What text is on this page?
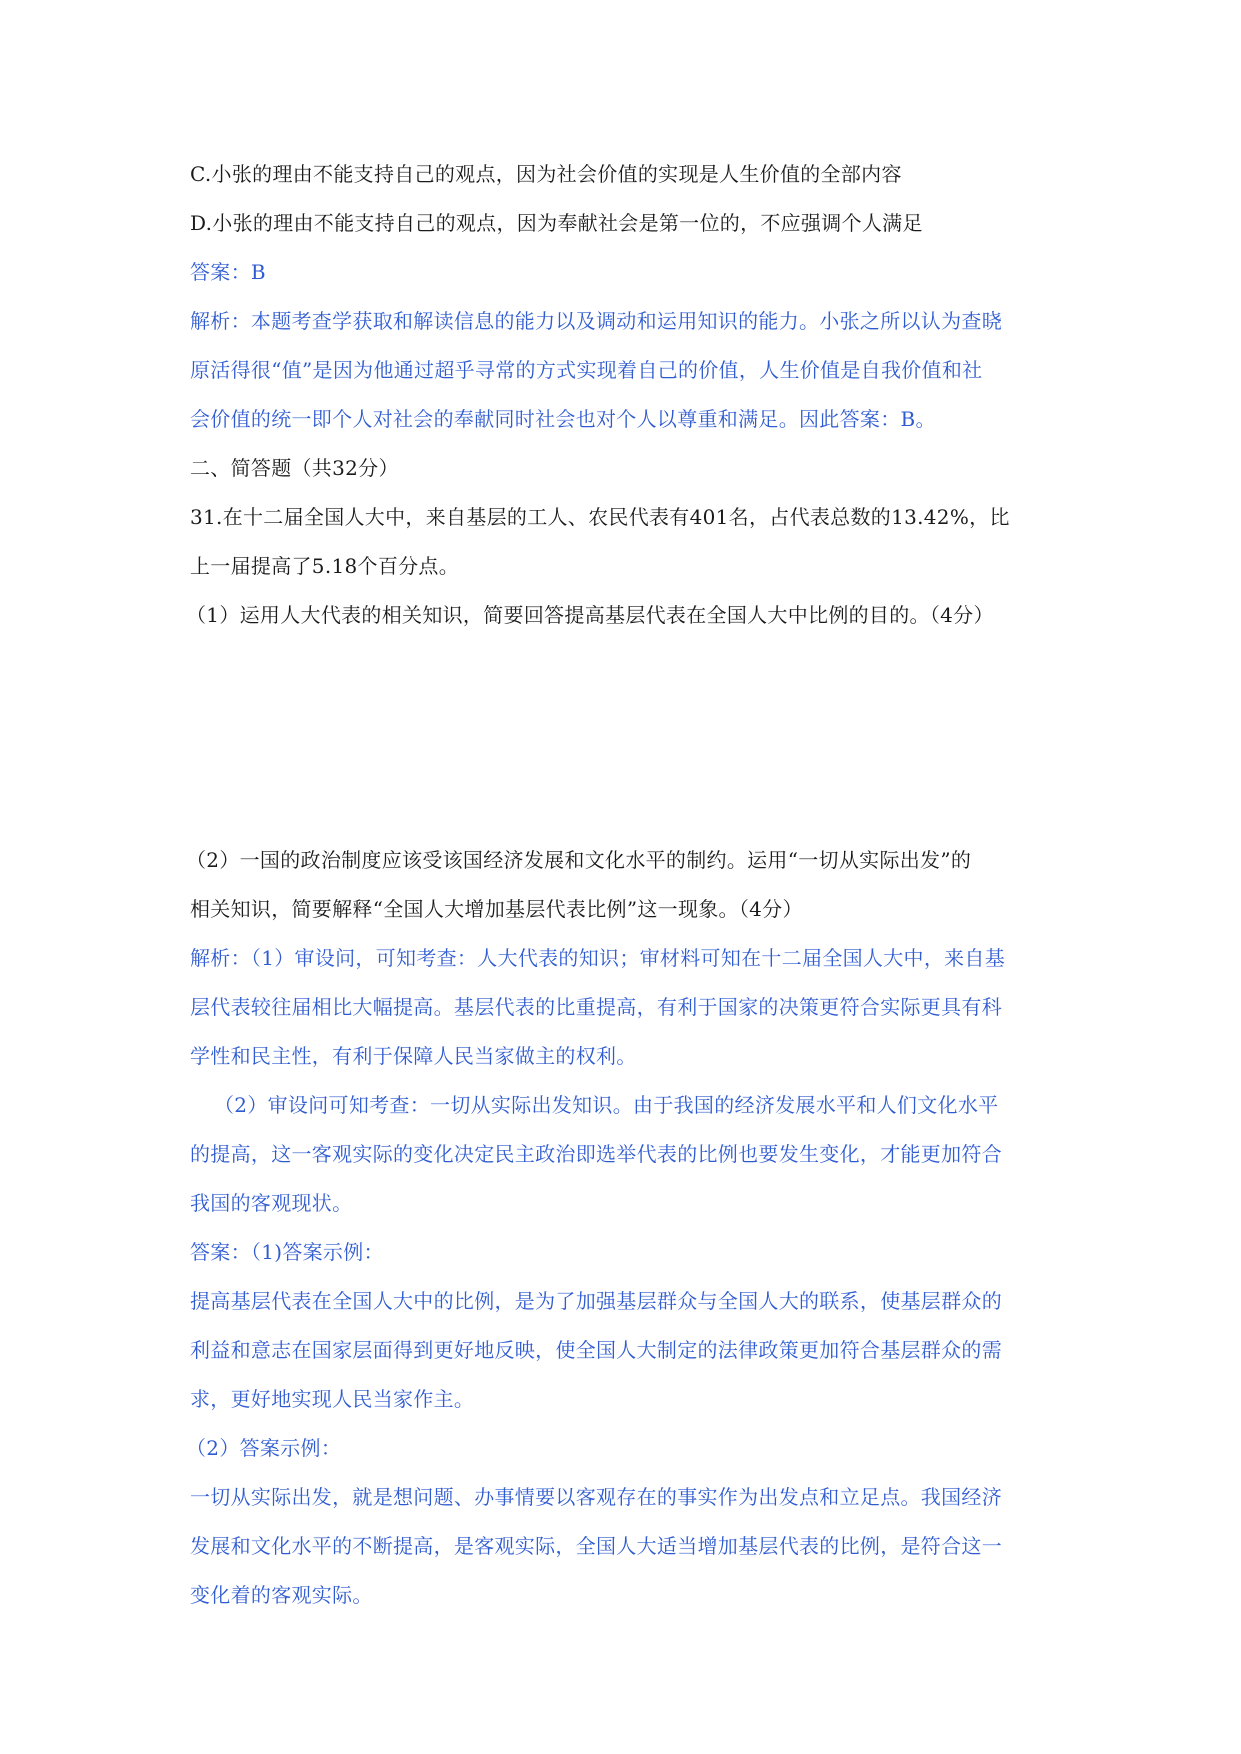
C.小张的理由不能支持自己的观点，因为社会价值的实现是人生价值的全部内容
D.小张的理由不能支持自己的观点，因为奉献社会是第一位的，不应强调个人满足
答案：B
解析：本题考查学获取和解读信息的能力以及调动和运用知识的能力。小张之所以认为查晓
原活得很“值”是因为他通过超乎寻常的方式实现着自己的价值，人生价值是自我价值和社
会价值的统一即个人对社会的奉献同时社会也对个人以尊重和满足。因此答案：B。
二、简答题（共32分）
31.在十二届全国人大中，来自基层的工人、农民代表有401名，占代表总数的13.42%，比
上一届提高了5.18个百分点。
（1）运用人大代表的相关知识，简要回答提高基层代表在全国人大中比例的目的。（4分）
（2）一国的政治制度应该受该国经济发展和文化水平的制约。运用“一切从实际出发”的
相关知识，简要解释“全国人大增加基层代表比例”这一现象。（4分）
解析：（1）审设问，可知考查：人大代表的知识；审材料可知在十二届全国人大中，来自基
层代表较往届相比大幅提高。基层代表的比重提高，有利于国家的决策更符合实际更具有科
学性和民主性，有利于保障人民当家做主的权利。
（2）审设问可知考查：一切从实际出发知识。由于我国的经济发展水平和人们文化水平
的提高，这一客观实际的变化决定民主政治即选举代表的比例也要发生变化，才能更加符合
我国的客观现状。
答案：（1)答案示例：
提高基层代表在全国人大中的比例，是为了加强基层群众与全国人大的联系，使基层群众的
利益和意志在国家层面得到更好地反映，使全国人大制定的法律政策更加符合基层群众的需
求，更好地实现人民当家作主。
（2）答案示例：
一切从实际出发，就是想问题、办事情要以客观存在的事实作为出发点和立足点。我国经济
发展和文化水平的不断提高，是客观实际，全国人大适当增加基层代表的比例，是符合这一
变化着的客观实际。
